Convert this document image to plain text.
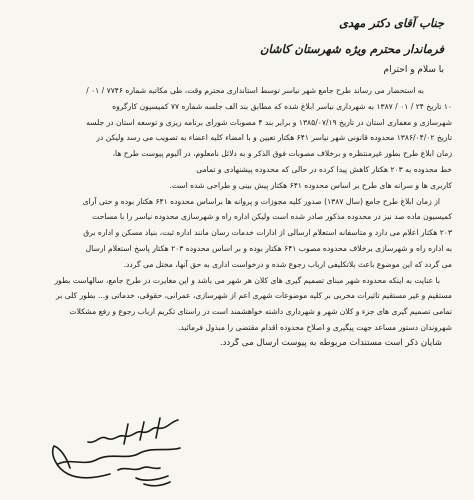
جناب آقای دکتر مهدی

فرماندار محترم ویژه شهرستان کاشان

با سلام و احترام

به استحضار می رساند طرح جامع شهر نیاسر توسط استانداری محترم وقت، طی مکاتبه شماره ۷۷۴۶ / ۰۱ /

۱۰ تاریخ ۲۴ / ۰۱ / ۱۳۸۷ به شهرداری نیاسر ابلاغ شده که مطابق بند الف جلسه شماره ۷۷ کمیسیون کارگروه

شهرسازی و معماری استان در تاریخ ۱۳۸۵/۰۷/۱۹ و برابر بند ۴ مصوبات شورای برنامه ریزی و توسعه استان در جلسه

تاریخ ۱۳۸۶/۰۴/۰۲ محدوده قانونی شهر نیاسر ۶۴۱ هکتار تعیین و با امضاء کلیه اعضاء به تصویب می رسد ولیکن در

زمان ابلاغ طرح بطور غیرمنتظره و برخلاف مصوبات فوق الذکر و به دلائل نامعلوم، در آلبوم پیوست طرح ها،

خط محدوده به ۲۰۳ هکتار کاهش پیدا کرده در حالی که محدوده پیشنهادی و تمامی

کاربری ها و سرانه های طرح بر اساس محدوده ۶۴۱ هکتار پیش بینی و طراحی شده است.

از زمان ابلاغ طرح جامع (سال ۱۳۸۷) صدور کلیه مجوزات و پروانه ها براساس محدوده ۶۴۱ هکتار بوده و حتی آرای

کمیسیون ماده صد نیز در محدوده مذکور صادر شده است ولیکن اداره راه و شهرسازی محدوده نیاسر را با مساحت

۲۰۳ هکتار اعلام می دارد و متاسفانه استعلام ارسالی از ادارات خدمات رسان مانند اداره ثبت، بنیاد مسکن و اداره برق

به اداره راه و شهرسازی برخلاف محدوده مصوب ۶۴۱ هکتار بوده و بر اساس محدوده ۲۰۳ هکتار پاسخ استعلام ارسال

می گردد که این موضوع باعث بلاتکلیفی ارباب رجوع شده و درخواست اداری به حق آنها، مختل می گردد.

با عنایت به اینکه محدوده شهر مبنای تصمیم گیری های کلان هر شهر می باشد و این مغایرت در طرح جامع، سالهاست بطور

مستقیم و غیر مستقیم تاثیرات مخربی بر کلیه موضوعات شهری اعم از شهرسازی، عمرانی، حقوقی، خدماتی و... بطور کلی بر

تمامی تصمیم گیری های جزء و کلان شهر و شهرداری داشته خواهشمند است در راستای تکریم ارباب رجوع و رفع مشکلات

شهروندان دستور مساعد جهت پیگیری و اصلاح محدوده اقدام مقتضی را مبذول فرمائید.

شایان ذکر است مستندات مربوطه به پیوست ارسال می گردد.
